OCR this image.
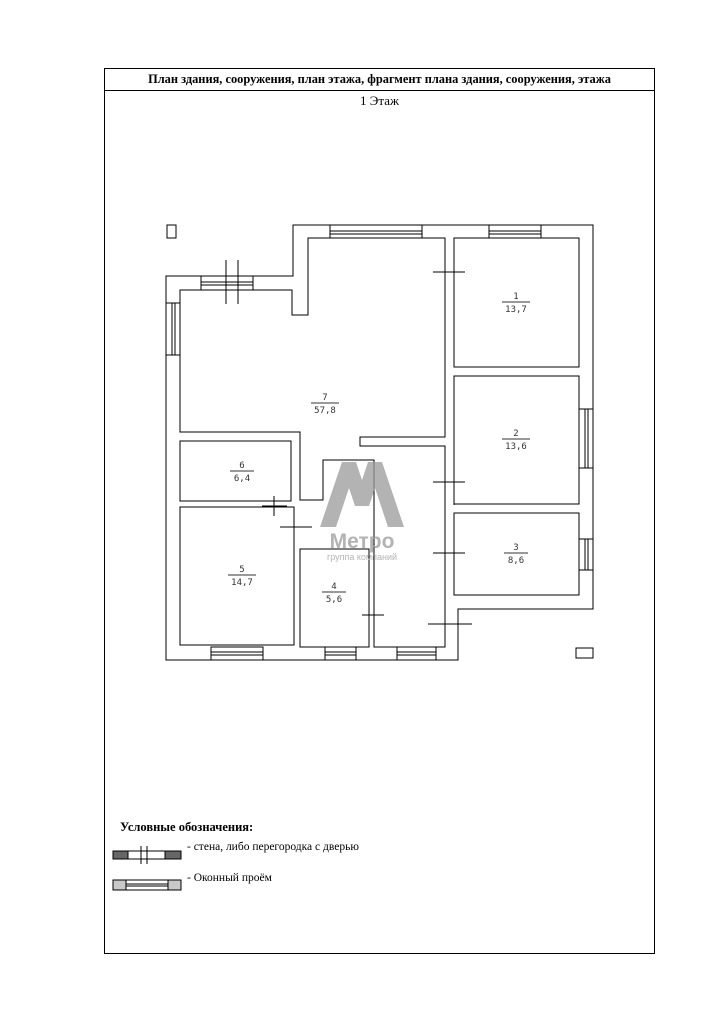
План здания, сооружения, план этажа, фрагмент плана здания, сооружения, этажа
1 Этаж
1
13,7
2
13,6
3
8,6
4
5,6
5
14,7
6
6,4
7
57,8
Метро
группа компаний
Условные обозначения:
- стена, либо перегородка с дверью
- Оконный проём
